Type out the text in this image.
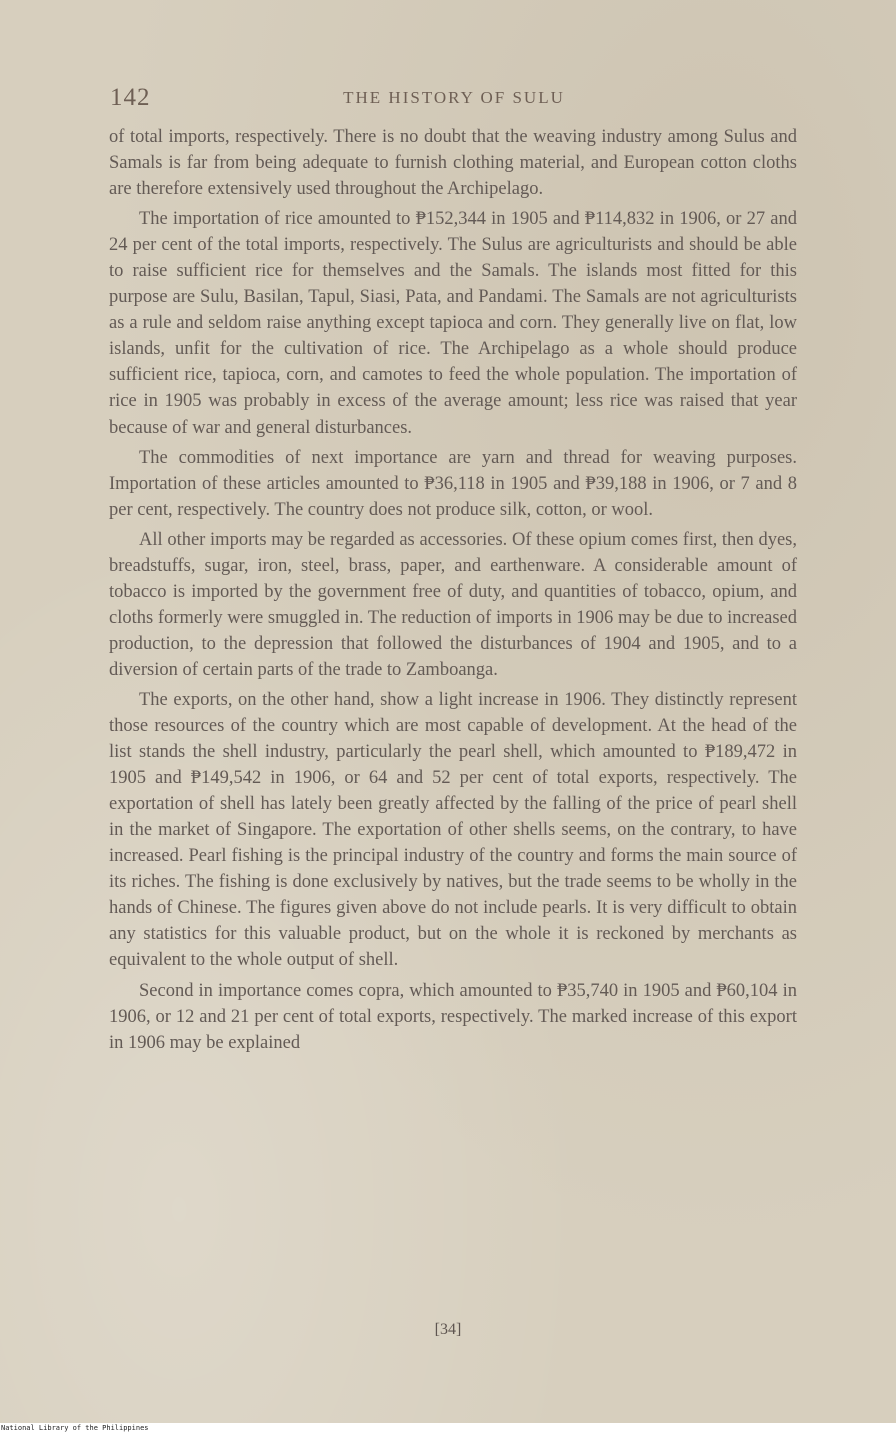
142	THE HISTORY OF SULU

of total imports, respectively. There is no doubt that the weaving industry among Sulus and Samals is far from being adequate to furnish clothing material, and European cotton cloths are therefore extensively used throughout the Archipelago.

The importation of rice amounted to ₱152,344 in 1905 and ₱114,832 in 1906, or 27 and 24 per cent of the total imports, respectively. The Sulus are agriculturists and should be able to raise sufficient rice for themselves and the Samals. The islands most fitted for this purpose are Sulu, Basilan, Tapul, Siasi, Pata, and Pandami. The Samals are not agriculturists as a rule and seldom raise anything except tapioca and corn. They generally live on flat, low islands, unfit for the cultivation of rice. The Archipelago as a whole should produce sufficient rice, tapioca, corn, and camotes to feed the whole population. The importation of rice in 1905 was probably in excess of the average amount; less rice was raised that year because of war and general disturbances.

The commodities of next importance are yarn and thread for weaving purposes. Importation of these articles amounted to ₱36,118 in 1905 and ₱39,188 in 1906, or 7 and 8 per cent, respectively. The country does not produce silk, cotton, or wool.

All other imports may be regarded as accessories. Of these opium comes first, then dyes, breadstuffs, sugar, iron, steel, brass, paper, and earthenware. A considerable amount of tobacco is imported by the government free of duty, and quantities of tobacco, opium, and cloths formerly were smuggled in. The reduction of imports in 1906 may be due to increased production, to the depression that followed the disturbances of 1904 and 1905, and to a diversion of certain parts of the trade to Zamboanga.

The exports, on the other hand, show a light increase in 1906. They distinctly represent those resources of the country which are most capable of development. At the head of the list stands the shell industry, particularly the pearl shell, which amounted to ₱189,472 in 1905 and ₱149,542 in 1906, or 64 and 52 per cent of total exports, respectively. The exportation of shell has lately been greatly affected by the falling of the price of pearl shell in the market of Singapore. The exportation of other shells seems, on the contrary, to have increased. Pearl fishing is the principal industry of the country and forms the main source of its riches. The fishing is done exclusively by natives, but the trade seems to be wholly in the hands of Chinese. The figures given above do not include pearls. It is very difficult to obtain any statistics for this valuable product, but on the whole it is reckoned by merchants as equivalent to the whole output of shell.

Second in importance comes copra, which amounted to ₱35,740 in 1905 and ₱60,104 in 1906, or 12 and 21 per cent of total exports, respectively. The marked increase of this export in 1906 may be explained

[34]
National Library of the Philippines
